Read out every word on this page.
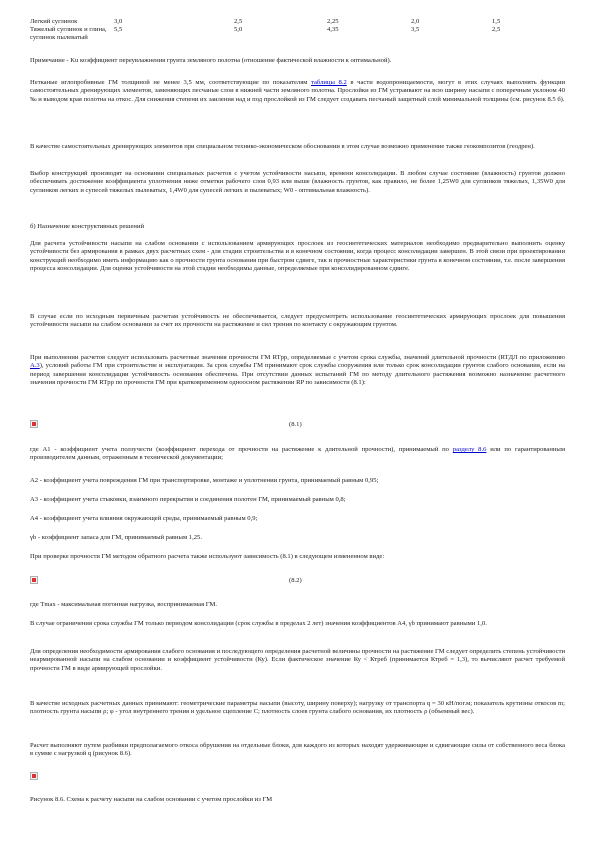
Легкий суглинок	3,0	2,5	2,25	2,0	1,5
Тяжелый суглинок и глина, суглинок пылеватый	5,5	5,0	4,35	3,5	2,5

Примечание - Ku коэффициент переувлажнения грунта земляного полотна (отношение фактической влажности к оптимальной).

Нетканые иглопробивные ГМ толщиной не менее 3,5 мм, соответствующие по показателям таблицы 8.2 в части водопроницаемости, могут в этих случаях выполнять функции самостоятельных дренирующих элементов, заменяющих песчаные слои в нижней части земляного полотна. Прослойки из ГМ устраивают на всю ширину насыпи с поперечным уклоном 40 ‰ и выводом края полотна на откос. Для снижения степени их заиления над и под прослойкой из ГМ следует создавать песчаный защитный слой минимальной толщины (см. рисунок 8.5 б).

В качестве самостоятельных дренирующих элементов при специальном технико-экономическом обосновании в этом случае возможно применение также геокомпозитов (геодрен).

Выбор конструкций производят на основании специальных расчетов с учетом устойчивости насыпи, времени консолидации. В любом случае состояние (влажность) грунтов должно обеспечивать достижение коэффициента уплотнения ниже отметки рабочего слоя 0,93 или выше (влажность грунтов, как правило, не более 1,25W0 для суглинков тяжелых, 1,35W0 для суглинков легких и супесей тяжелых пылеватых, 1,4W0 для супесей легких и пылеватых; W0 - оптимальная влажность).

б) Назначение конструктивных решений

Для расчета устойчивости насыпи на слабом основании с использованием армирующих прослоек из геосинтетических материалов необходимо предварительно выполнить оценку устойчивости без армирования в рамках двух расчетных схем - для стадии строительства и в конечном состоянии, когда процесс консолидации завершен. В этой связи при проектировании конструкций необходимо иметь информацию как о прочности грунта основания при быстром сдвиге, так и прочностные характеристики грунта в конечном состоянии, т.е. после завершения процесса консолидации. Для оценки устойчивости на этой стадии необходимы данные, определяемые при консолидированном сдвиге.

В случае если по исходным первичным расчетам устойчивость не обеспечивается, следует предусмотреть использование геосинтетических армирующих прослоек для повышения устойчивости насыпи на слабом основании за счет их прочности на растяжение и сил трения по контакту с окружающим грунтом.

При выполнении расчетов следует использовать расчетные значения прочности ГМ RTрр, определяемые с учетом срока службы, значений длительной прочности (RTДЛ по приложению А.3), условий работы ГМ при строительстве и эксплуатации. За срок службы ГМ принимают срок службы сооружения или только срок консолидации грунтов слабого основания, если на период завершения консолидации устойчивость основания обеспечена. При отсутствии данных испытаний ГМ по методу длительного растяжения возможно назначение расчетного значения прочности ГМ RTрр по прочности ГМ при кратковременном одноосном растяжении RP по зависимости (8.1):

(8.1)

где A1 - коэффициент учета ползучести (коэффициент перехода от прочности на растяжение к длительной прочности), принимаемый по разделу 8.6 или по гарантированным производителем данным, отраженным в технической документации;

A2 - коэффициент учета повреждения ГМ при транспортировке, монтаже и уплотнении грунта, принимаемый равным 0,95;

A3 - коэффициент учета стыковки, взаимного перекрытия и соединения полотен ГМ, принимаемый равным 0,8;

A4 - коэффициент учета влияния окружающей среды, принимаемый равным 0,9;

γb - коэффициент запаса для ГМ, принимаемый равным 1,25.

При проверке прочности ГМ методом обратного расчета также используют зависимость (8.1) в следующем измененном виде:

(8.2)

где Tmax - максимальная погонная нагрузка, воспринимаемая ГМ.

В случае ограничения срока службы ГМ только периодом консолидации (срок службы в пределах 2 лет) значения коэффициентов A4, γb принимают равными 1,0.

Для определения необходимости армирования слабого основания и последующего определения расчетной величины прочности на растяжение ГМ следует определить степень устойчивости неармированной насыпи на слабом основании и коэффициент устойчивости (Ку). Если фактическое значение Ку < Ктреб (принимается Ктреб = 1,3), то вычисляют расчет требуемой прочности ГМ в виде армирующей прослойки.

В качестве исходных расчетных данных принимают: геометрические параметры насыпи (высоту, ширину поверху); нагрузку от транспорта q = 30 кН/пог.м; показатель крутизны откосов m; плотность грунта насыпи ρ; φ - угол внутреннего трения и удельное сцепление C; плотность слоев грунта слабого основания, их плотность ρ (объемный вес).

Расчет выполняют путем разбивки предполагаемого откоса обрушения на отдельные блоки, для каждого из которых находят удерживающие и сдвигающие силы от собственного веса блока в сумме с нагрузкой q (рисунок 8.6).

Рисунок 8.6. Схема к расчету насыпи на слабом основании с учетом прослойки из ГМ
